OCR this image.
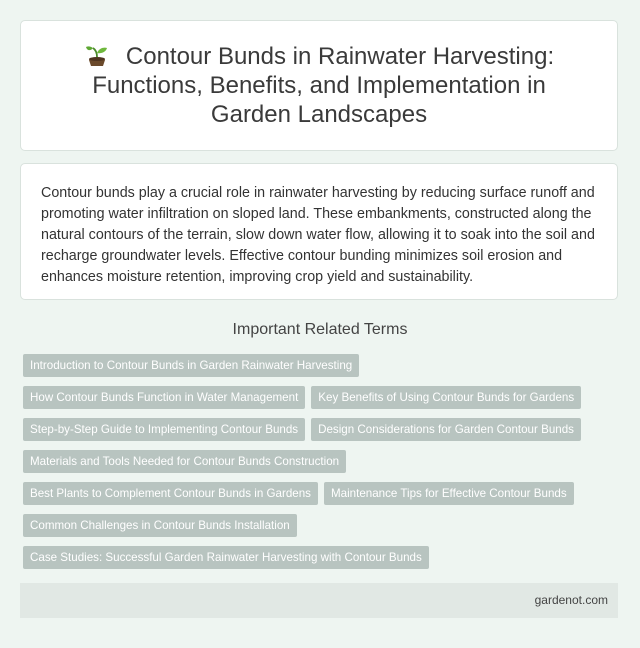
Contour Bunds in Rainwater Harvesting: Functions, Benefits, and Implementation in Garden Landscapes

Contour bunds play a crucial role in rainwater harvesting by reducing surface runoff and promoting water infiltration on sloped land. These embankments, constructed along the natural contours of the terrain, slow down water flow, allowing it to soak into the soil and recharge groundwater levels. Effective contour bunding minimizes soil erosion and enhances moisture retention, improving crop yield and sustainability.

Important Related Terms
Introduction to Contour Bunds in Garden Rainwater Harvesting
How Contour Bunds Function in Water Management Key Benefits of Using Contour Bunds for Gardens
Step-by-Step Guide to Implementing Contour Bunds Design Considerations for Garden Contour Bunds
Materials and Tools Needed for Contour Bunds Construction
Best Plants to Complement Contour Bunds in Gardens Maintenance Tips for Effective Contour Bunds
Common Challenges in Contour Bunds Installation
Case Studies: Successful Garden Rainwater Harvesting with Contour Bunds
gardenot.com
